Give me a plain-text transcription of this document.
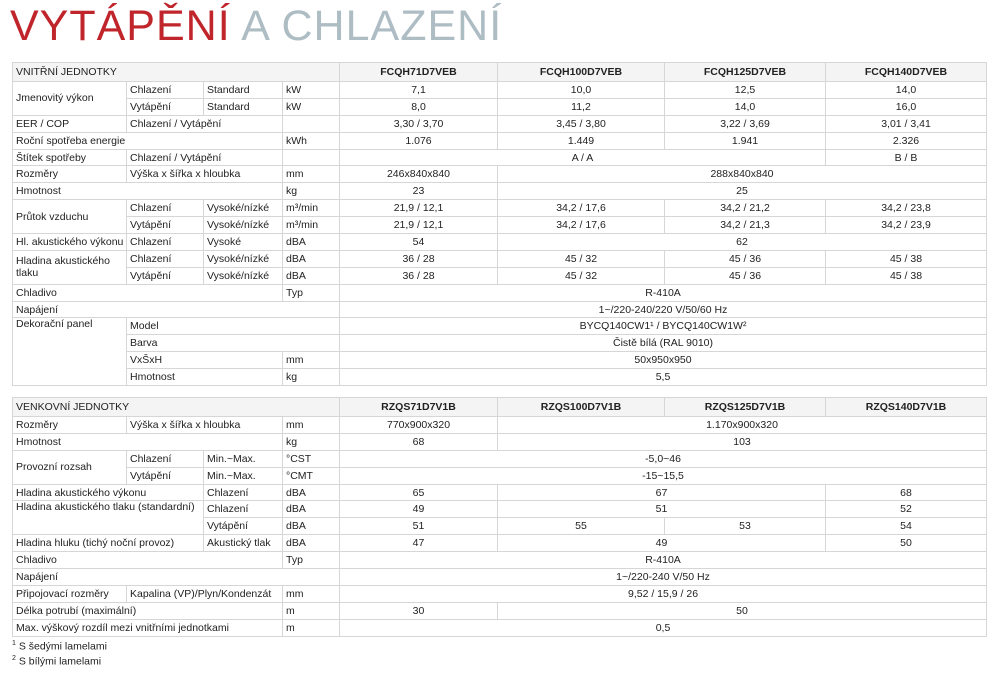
VYTÁPĚNÍ A CHLAZENÍ
VNITŘNÍ JEDNOTKY				FCQH71D7VEB	FCQH100D7VEB	FCQH125D7VEB	FCQH140D7VEB
Jmenovitý výkon	Chlazení	Standard	kW	7,1	10,0	12,5	14,0
	Vytápění	Standard	kW	8,0	11,2	14,0	16,0
EER / COP	Chlazení / Vytápění			3,30 / 3,70	3,45 / 3,80	3,22 / 3,69	3,01 / 3,41
Roční spotřeba energie			kWh	1.076	1.449	1.941	2.326
Štítek spotřeby	Chlazení / Vytápění			A / A			B / B
Rozměry	Výška x šířka x hloubka		mm	246x840x840	288x840x840		
Hmotnost			kg	23	25		
Průtok vzduchu	Chlazení	Vysoké/nízké	m³/min	21,9 / 12,1	34,2 / 17,6	34,2 / 21,2	34,2 / 23,8
	Vytápění	Vysoké/nízké	m³/min	21,9 / 12,1	34,2 / 17,6	34,2 / 21,3	34,2 / 23,9
Hl. akustického výkonu	Chlazení	Vysoké	dBA	54	62		
Hladina akustického tlaku	Chlazení	Vysoké/nízké	dBA	36 / 28	45 / 32	45 / 36	45 / 38
	Vytápění	Vysoké/nízké	dBA	36 / 28	45 / 32	45 / 36	45 / 38
Chladivo			Typ	R-410A			
Napájení				1~/220-240/220 V/50/60 Hz			
Dekorační panel	Model			BYCQ140CW1¹ / BYCQ140CW1W²			
	Barva			Čistě bílá (RAL 9010)			
	VxŠxH		mm	50x950x950			
	Hmotnost		kg	5,5			
VENKOVNÍ JEDNOTKY				RZQS71D7V1B	RZQS100D7V1B	RZQS125D7V1B	RZQS140D7V1B
Rozměry	Výška x šířka x hloubka		mm	770x900x320	1.170x900x320		
Hmotnost			kg	68	103		
Provozní rozsah	Chlazení	Min.~Max.	°CST	-5,0~46			
	Vytápění	Min.~Max.	°CMT	-15~15,5			
Hladina akustického výkonu		Chlazení	dBA	65	67		68
Hladina akustického tlaku (standardní)		Chlazení	dBA	49	51		52
		Vytápění	dBA	51	55	53	54
Hladina hluku (tichý noční provoz)		Akustický tlak	dBA	47	49		50
Chladivo			Typ	R-410A			
Napájení				1~/220-240 V/50 Hz			
Připojovací rozměry	Kapalina (VP)/Plyn/Kondenzát		mm	9,52 / 15,9 / 26			
Délka potrubí (maximální)			m	30	50		
Max. výškový rozdíl mezi vnitřními jednotkami			m	0,5			
$^1$ S šedými lamelami
$^2$ S bílými lamelami
